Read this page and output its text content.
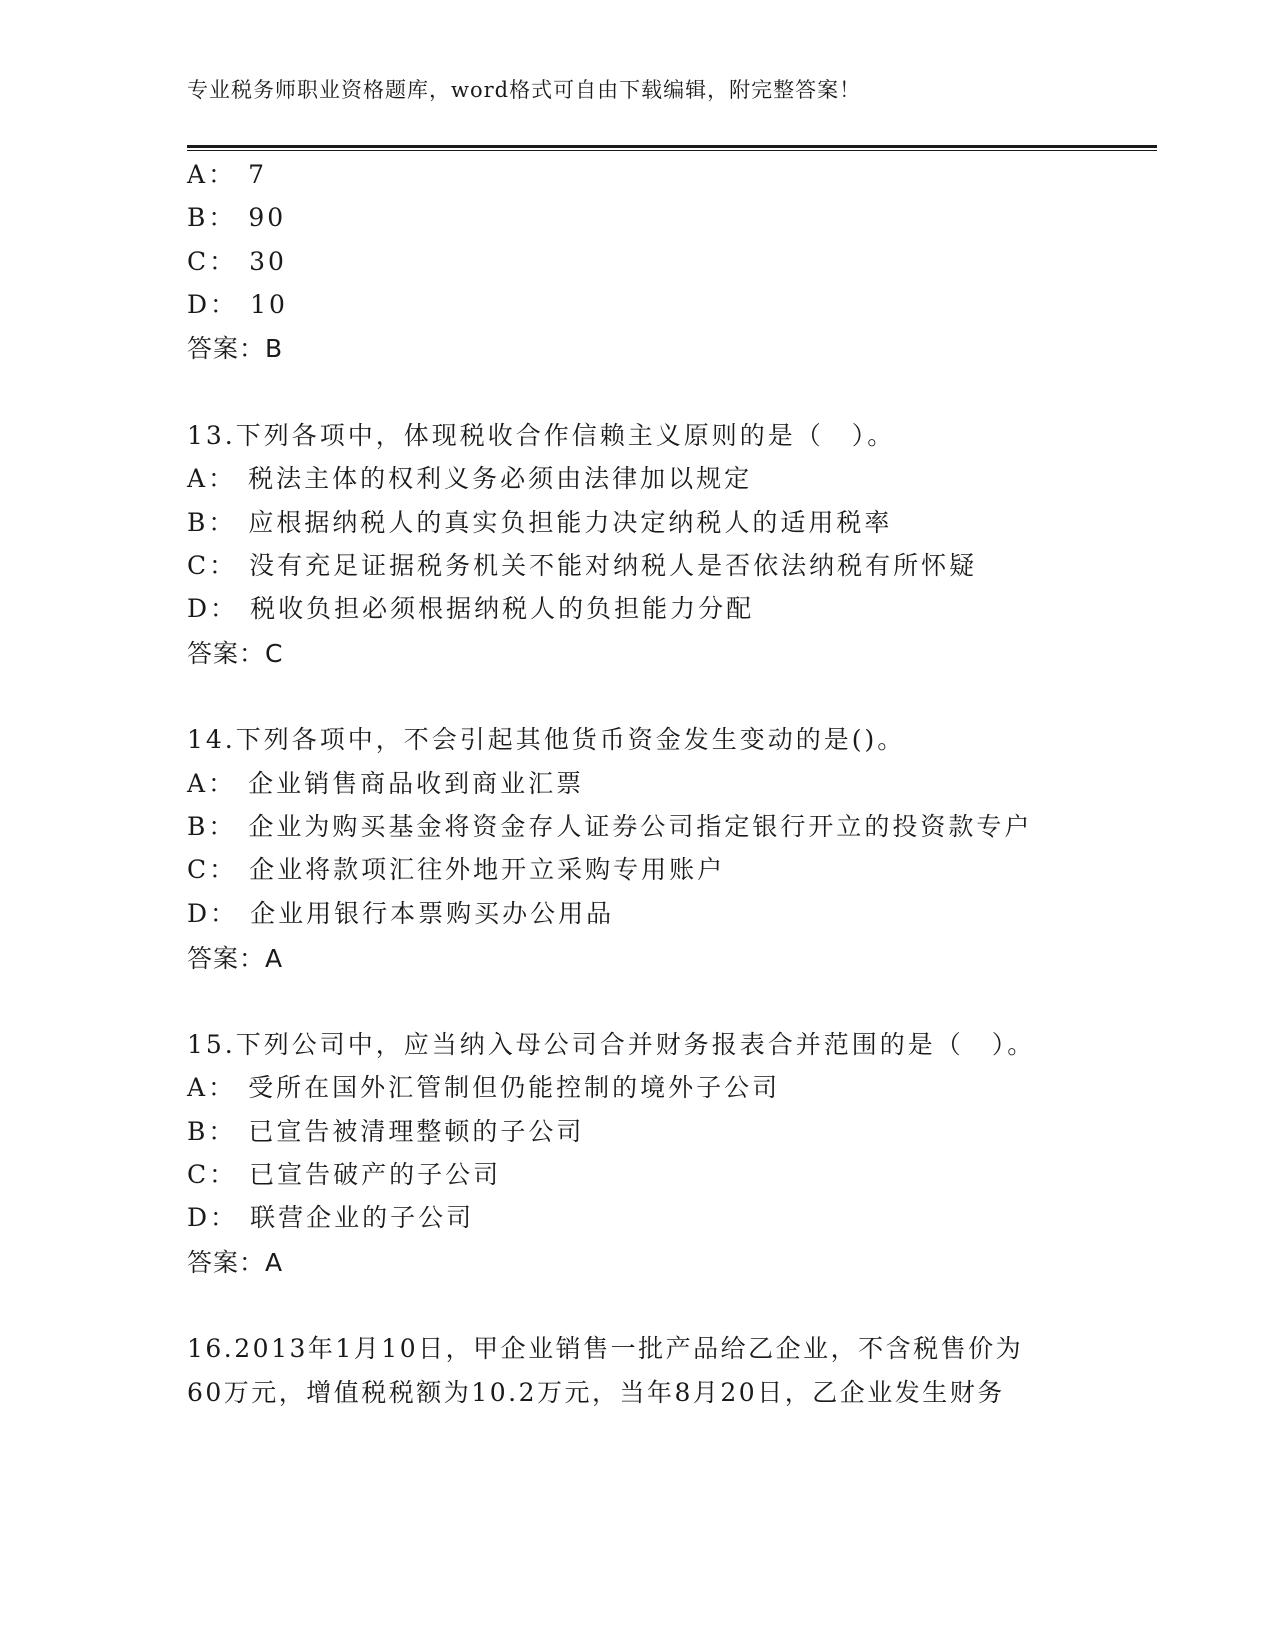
专业税务师职业资格题库，word格式可自由下载编辑，附完整答案！
A： 7
B： 90
C： 30
D： 10
答案：B
13.下列各项中，体现税收合作信赖主义原则的是（　）。
A： 税法主体的权利义务必须由法律加以规定
B： 应根据纳税人的真实负担能力决定纳税人的适用税率
C： 没有充足证据税务机关不能对纳税人是否依法纳税有所怀疑
D： 税收负担必须根据纳税人的负担能力分配
答案：C
14.下列各项中，不会引起其他货币资金发生变动的是()。
A： 企业销售商品收到商业汇票
B： 企业为购买基金将资金存人证券公司指定银行开立的投资款专户
C： 企业将款项汇往外地开立采购专用账户
D： 企业用银行本票购买办公用品
答案：A
15.下列公司中，应当纳入母公司合并财务报表合并范围的是（　）。
A： 受所在国外汇管制但仍能控制的境外子公司
B： 已宣告被清理整顿的子公司
C： 已宣告破产的子公司
D： 联营企业的子公司
答案：A
16.2013年1月10日，甲企业销售一批产品给乙企业，不含税售价为
60万元，增值税税额为10.2万元，当年8月20日，乙企业发生财务
